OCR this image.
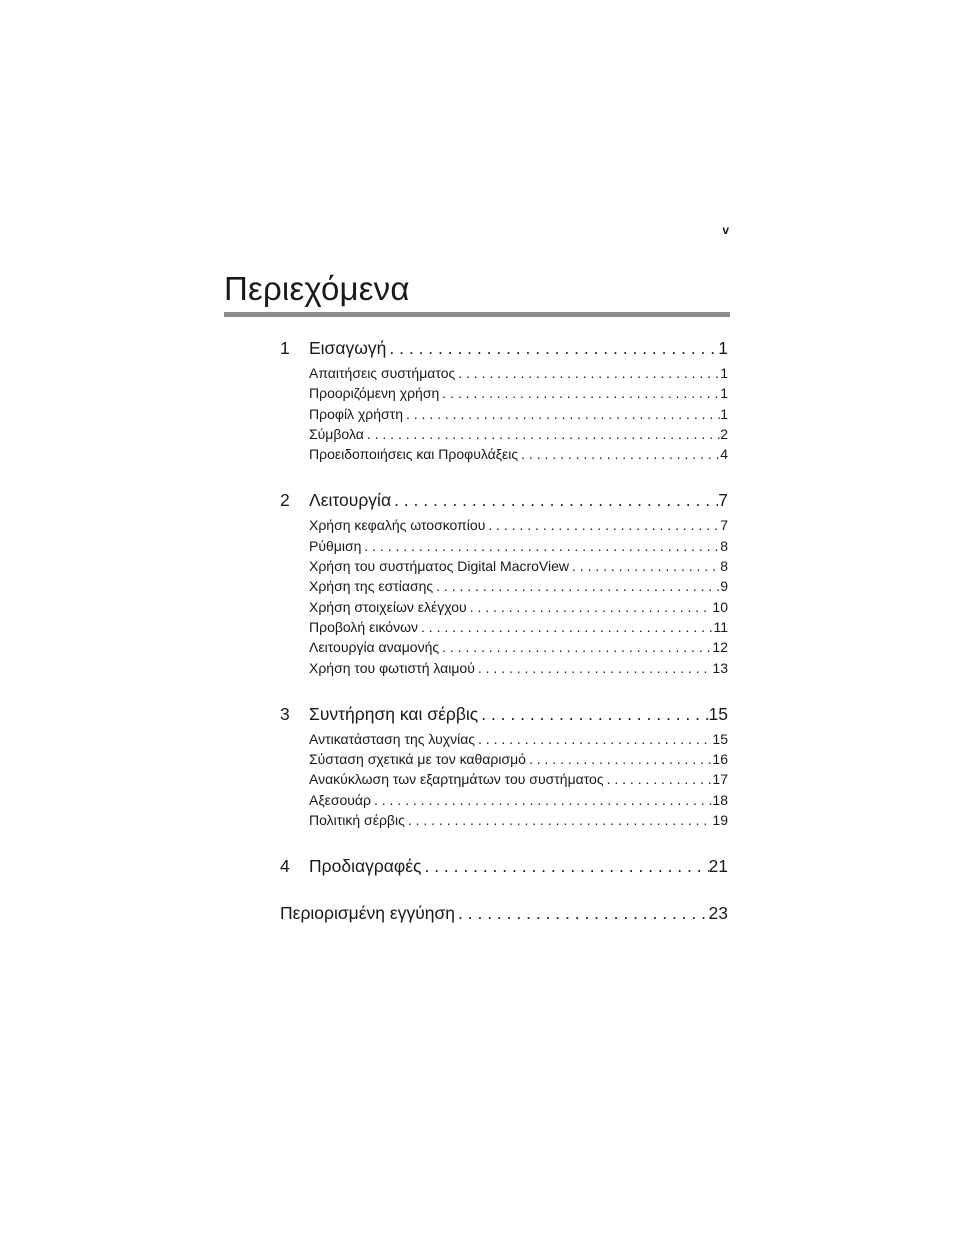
v
Περιεχόμενα
1	Εισαγωγή . . .	1
Απαιτήσεις συστήματος . . .	1
Προοριζόμενη χρήση . . .	1
Προφίλ χρήστη . . .	1
Σύμβολα . . .	2
Προειδοποιήσεις και Προφυλάξεις . . .	4
2	Λειτουργία . . .	7
Χρήση κεφαλής ωτοσκοπίου . . .	7
Ρύθμιση . . .	8
Χρήση του συστήματος Digital MacroView . . .	8
Χρήση της εστίασης . . .	9
Χρήση στοιχείων ελέγχου . . .	10
Προβολή εικόνων . . .	11
Λειτουργία αναμονής . . .	12
Χρήση του φωτιστή λαιμού . . .	13
3	Συντήρηση και σέρβις . . .	15
Αντικατάσταση της λυχνίας . . .	15
Σύσταση σχετικά με τον καθαρισμό . . .	16
Ανακύκλωση των εξαρτημάτων του συστήματος . . .	17
Αξεσουάρ . . .	18
Πολιτική σέρβις . . .	19
4	Προδιαγραφές . . .	21
Περιορισμένη εγγύηση . . .	23
